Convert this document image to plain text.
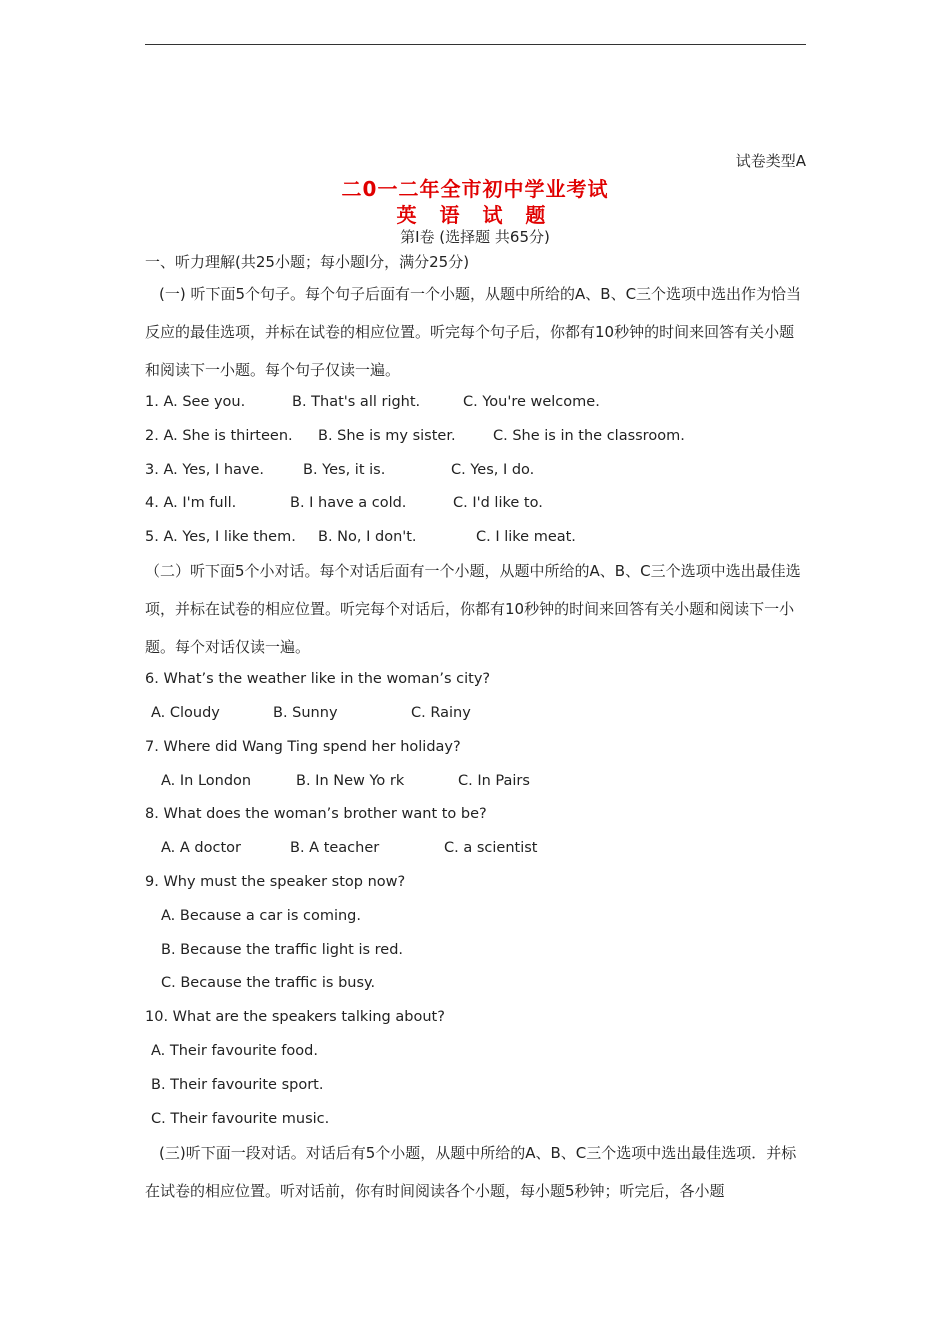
试卷类型A
二0一二年全市初中学业考试
英 语 试 题
第Ⅰ卷 (选择题 共65分)
一、听力理解(共25小题；每小题l分，满分25分)
(一) 听下面5个句子。每个句子后面有一个小题，从题中所给的A、B、C三个选项中选出作为恰当反应的最佳选项，并标在试卷的相应位置。听完每个句子后，你都有10秒钟的时间来回答有关小题和阅读下一小题。每个句子仅读一遍。
1. A. See you.	B. That's all right.	C. You're welcome.
2. A. She is thirteen. B. She is my sister.	C. She is in the classroom.
3. A. Yes, I have.	B. Yes, it is.	C. Yes, I do.
4. A. I'm full.	B. I have a cold.	C. I'd like to.
5. A. Yes, I like them. B. No, I don't.	C. I like meat.
（二）听下面5个小对话。每个对话后面有一个小题，从题中所给的A、B、C三个选项中选出最佳选项，并标在试卷的相应位置。听完每个对话后，你都有10秒钟的时间来回答有关小题和阅读下一小题。每个对话仅读一遍。
6. What’s the weather like in the woman’s city?
A. Cloudy	B. Sunny	C. Rainy
7. Where did Wang Ting spend her holiday?
A. In London	B. In New Yo rk	C. In Pairs
8. What does the woman’s brother want to be?
A. A doctor	B. A teacher	C. a scientist
9. Why must the speaker stop now?
A. Because a car is coming.
B. Because the traffic light is red.
C. Because the traffic is busy.
10. What are the speakers talking about?
A. Their favourite food.
B. Their favourite sport.
C. Their favourite music.
(三)听下面一段对话。对话后有5个小题，从题中所给的A、B、C三个选项中选出最佳选项．并标在试卷的相应位置。听对话前，你有时间阅读各个小题，每小题5秒钟；听完后，各小题
